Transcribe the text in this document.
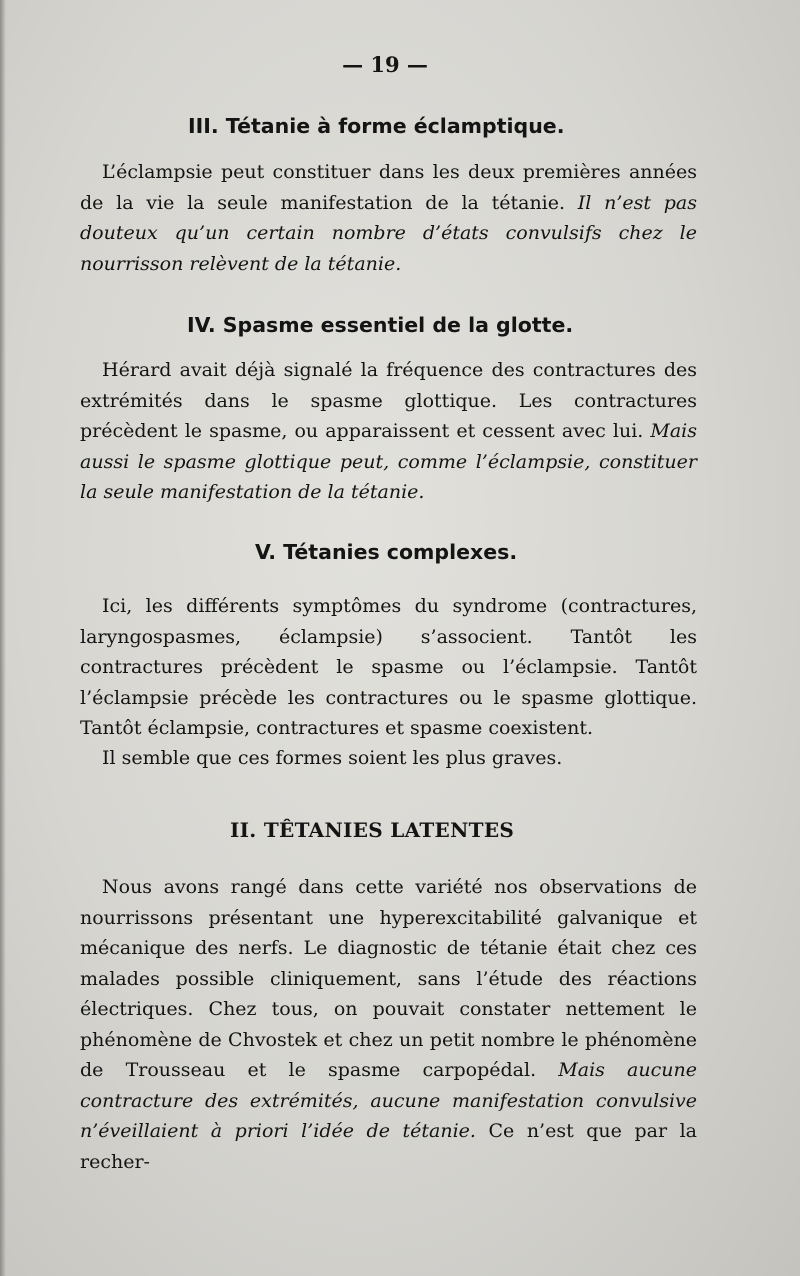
— 19 —
III. Tétanie à forme éclamptique.

L’éclampsie peut constituer dans les deux premières années de la vie la seule manifestation de la tétanie. Il n’est pas douteux qu’un certain nombre d’états convulsifs chez le nourrisson relèvent de la tétanie.

IV. Spasme essentiel de la glotte.

Hérard avait déjà signalé la fréquence des contractures des extrémités dans le spasme glottique. Les contractures précèdent le spasme, ou apparaissent et cessent avec lui. Mais aussi le spasme glottique peut, comme l’éclampsie, constituer la seule manifestation de la tétanie.

V. Tétanies complexes.

Ici, les différents symptômes du syndrome (contractures, laryngospasmes, éclampsie) s’associent. Tantôt les contractures précèdent le spasme ou l’éclampsie. Tantôt l’éclampsie précède les contractures ou le spasme glottique. Tantôt éclampsie, contractures et spasme coexistent.

Il semble que ces formes soient les plus graves.

II. TÊTANIES LATENTES

Nous avons rangé dans cette variété nos observations de nourrissons présentant une hyperexcitabilité galvanique et mécanique des nerfs. Le diagnostic de tétanie était chez ces malades possible cliniquement, sans l’étude des réactions électriques. Chez tous, on pouvait constater nettement le phénomène de Chvostek et chez un petit nombre le phénomène de Trousseau et le spasme carpopédal. Mais aucune contracture des extrémités, aucune manifestation convulsive n’éveillaient à priori l’idée de tétanie. Ce n’est que par la recher-
